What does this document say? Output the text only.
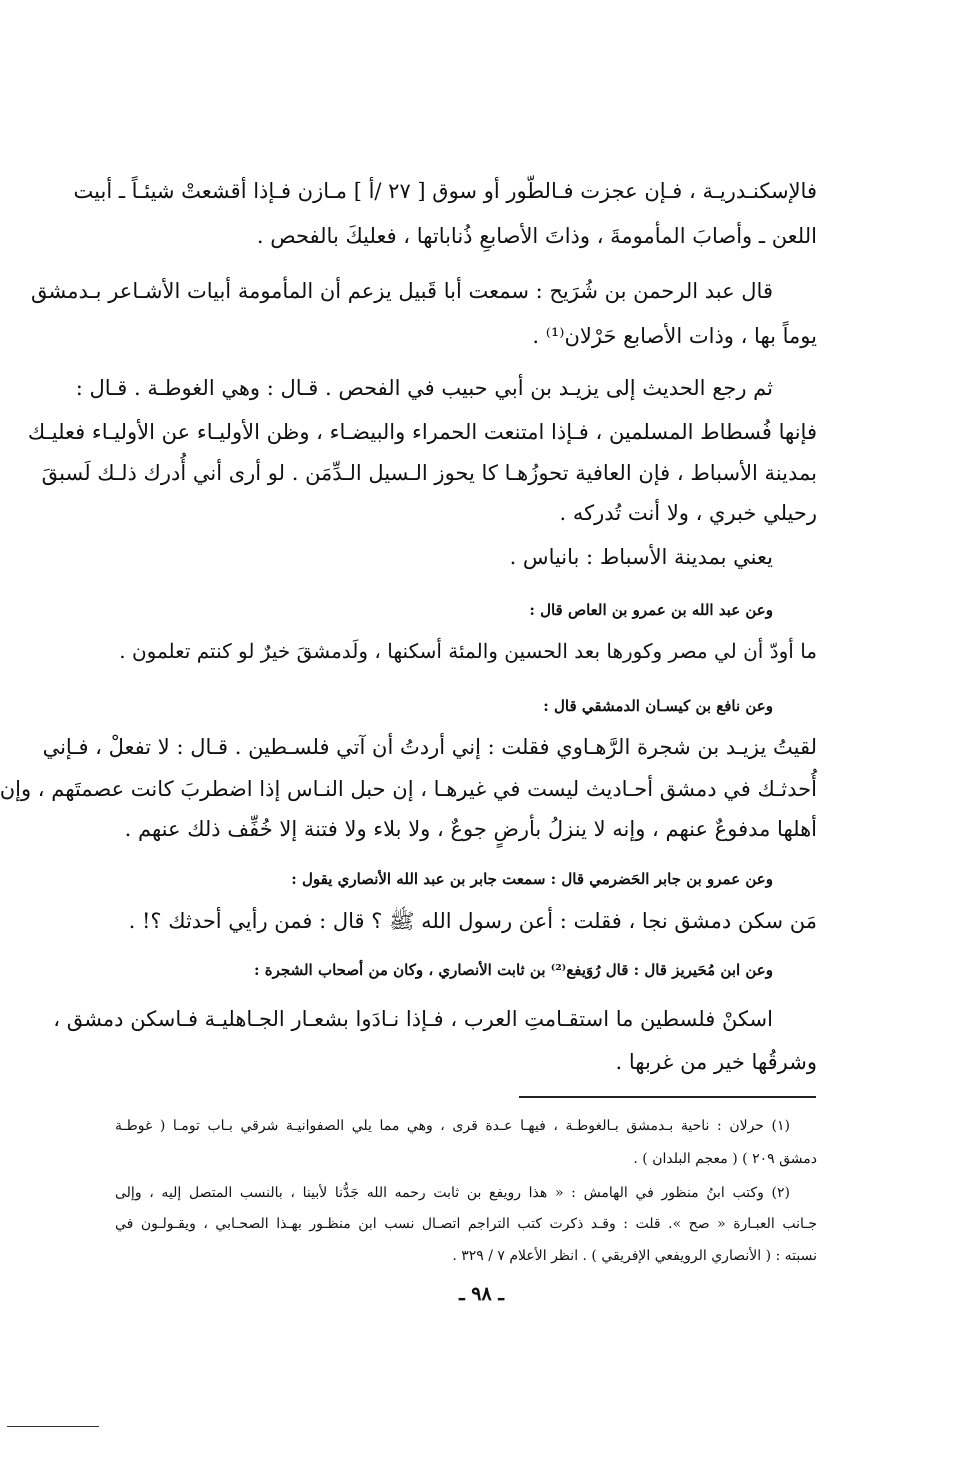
فالإسكنـدريـة ، فـإن عجزت فـالطّور أو سوق [ ٢٧ /أ ] مـازن فـإذا أقشعتْ شيئـاً ـ أبيت
اللعن ـ وأصابَ المأمومةَ ، وذاتَ الأصابعِ ذُناباتها ، فعليكَ بالفحص .
قال عبد الرحمن بن شُرَيح : سمعت أبا قَبيل يزعم أن المأمومة أبيات الأشـاعر بـدمشق
يوماً بها ، وذات الأصابع حَرْلان⁽¹⁾ .
ثم رجع الحديث إلى يزيـد بن أبي حبيب في الفحص . قـال : وهي الغوطـة . قـال :
فإنها فُسطاط المسلمين ، فـإذا امتنعت الحمراء والبيضـاء ، وظن الأوليـاء عن الأوليـاء فعليـك
بمدينة الأسباط ، فإن العافية تحوزُهـا كا يحوز الـسيل الـدِّمَن . لو أرى أني أُدرك ذلـك لَسبقَ
رحيلي خبري ، ولا أنت تُدركه .
يعني بمدينة الأسباط : بانياس .
وعن عبد الله بن عمرو بن العاص قال :
ما أودّ أن لي مصر وكورها بعد الحسين والمئة أسكنها ، ولَدمشقَ خيرٌ لو كنتم تعلمون .
وعن نافع بن كيسـان الدمشقي قال :
لقيتُ يزيـد بن شجرة الرَّهـاوي فقلت : إني أردتُ أن آتي فلسـطين . قـال : لا تفعلْ ، فـإني
أُحدثـك في دمشق أحـاديث ليست في غيرهـا ، إن حبل النـاس إذا اضطربَ كانت عصمتَهم ، وإن
أهلها مدفوعٌ عنهم ، وإنه لا ينزلُ بأرضٍ جوعٌ ، ولا بلاء ولا فتنة إلا خُفِّف ذلك عنهم .
وعن عمرو بن جابر الحَضرمي قال : سمعت جابر بن عبد الله الأنصاري يقول :
مَن سكن دمشق نجا ، فقلت : أعن رسول الله ﷺ ؟ قال : فمن رأيي أحدثك ؟! .
وعن ابن مُحَيريز قال : قال رُوَيفع⁽²⁾ بن ثابت الأنصاري ، وكان من أصحاب الشجرة :
اسكنْ فلسطين ما استقـامتِ العرب ، فـإذا نـادَوا بشعـار الجـاهليـة فـاسكن دمشق ،
وشرقُها خير من غربها .
(١) حرلان : ناحية بـدمشق بـالغوطـة ، فيهـا عـدة قرى ، وهي مما يلي الصفوانيـة شرقي بـاب تومـا ( غوطـة
دمشق ٢٠٩ ) ( معجم البلدان ) .
(٢) وكتب ابنُ منظور في الهامش : « هذا رويفع بن ثابت رحمه الله جَدُّنا لأبينا ، بالنسب المتصل إليه ، وإلى
جـانب العبـارة « صح ». قلت : وقـد ذكرت كتب التراجم اتصـال نسب ابن منظـور بهـذا الصحـابي ، ويقـولـون في
نسبته : ( الأنصاري الرويفعي الإفريقي ) . انظر الأعلام ٧ / ٣٢٩ .
ـ ٩٨ ـ
